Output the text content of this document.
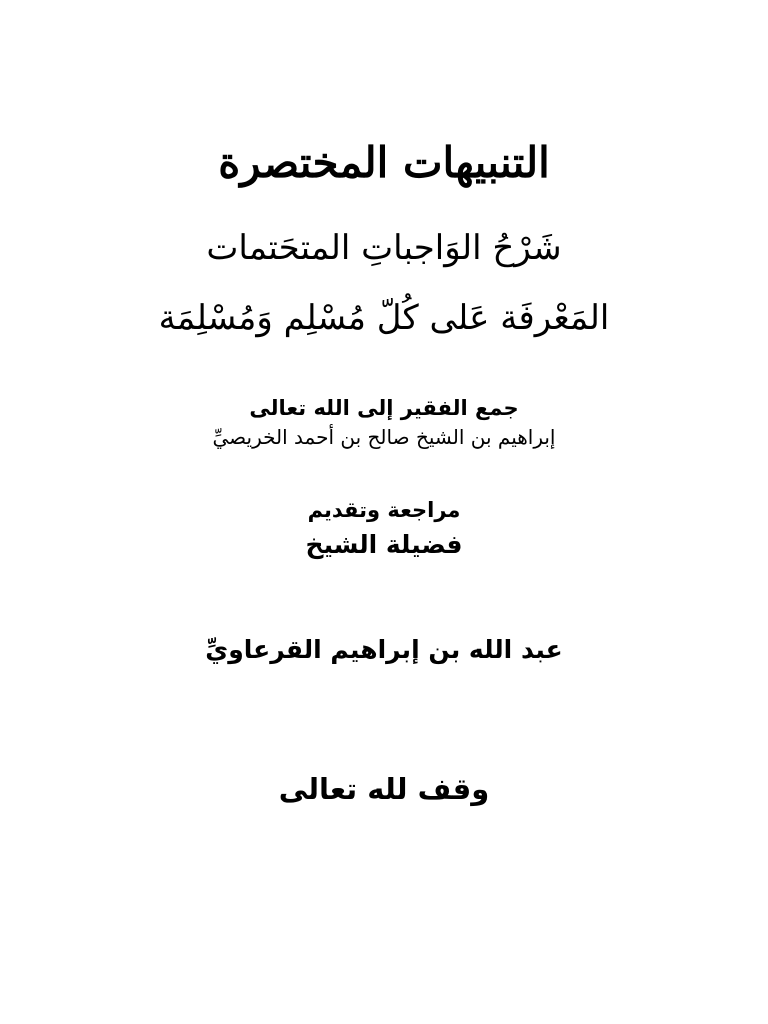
التنبيهات المختصرة
شَرْحُ الوَاجباتِ المتحَتمات
المَعْرفَة عَلى كُلّ مُسْلِم وَمُسْلِمَة
جمع الفقير إلى الله تعالى
إبراهيم بن الشيخ صالح بن أحمد الخريصيِّ
مراجعة وتقديم
فضيلة الشيخ
عبد الله بن إبراهيم القرعاويِّ
وقف لله تعالى
